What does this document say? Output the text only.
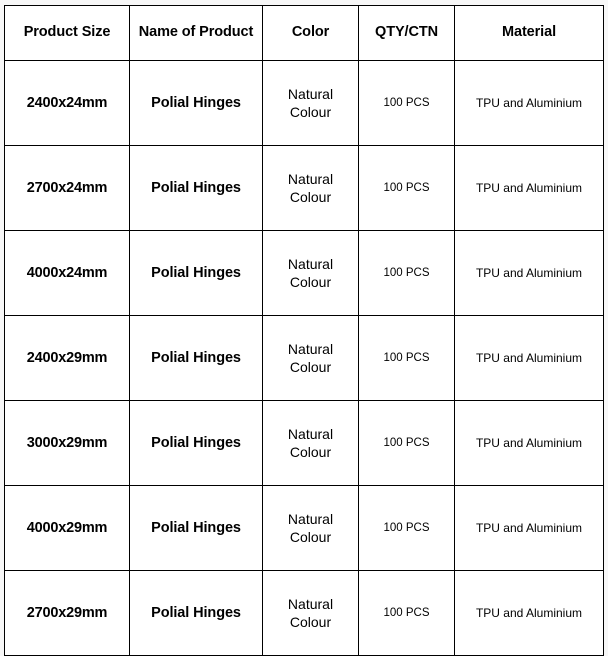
Product Size	Name of Product	Color	QTY/CTN	Material
2400x24mm	Polial Hinges	Natural Colour	100 PCS	TPU and Aluminium
2700x24mm	Polial Hinges	Natural Colour	100 PCS	TPU and Aluminium
4000x24mm	Polial Hinges	Natural Colour	100 PCS	TPU and Aluminium
2400x29mm	Polial Hinges	Natural Colour	100 PCS	TPU and Aluminium
3000x29mm	Polial Hinges	Natural Colour	100 PCS	TPU and Aluminium
4000x29mm	Polial Hinges	Natural Colour	100 PCS	TPU and Aluminium
2700x29mm	Polial Hinges	Natural Colour	100 PCS	TPU and Aluminium
